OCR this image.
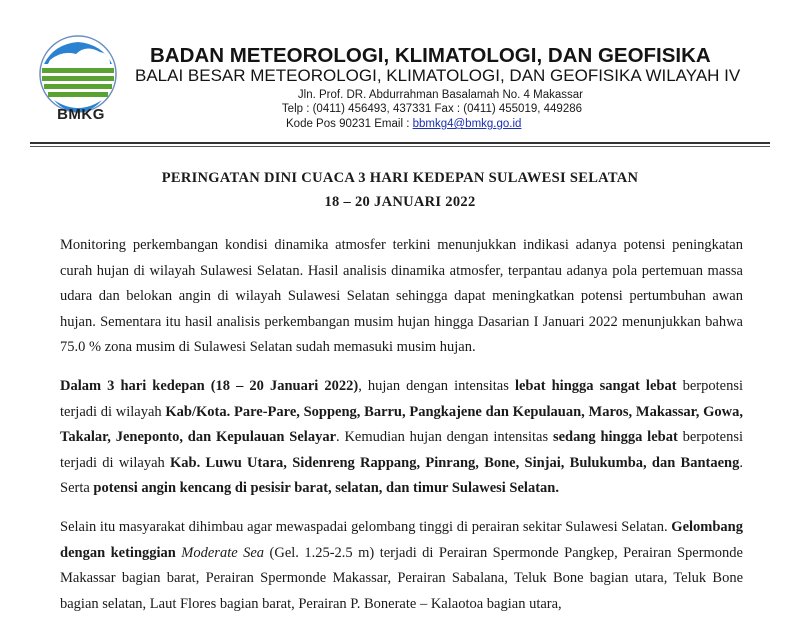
BMKG
BADAN METEOROLOGI, KLIMATOLOGI, DAN GEOFISIKA
BALAI BESAR METEOROLOGI, KLIMATOLOGI, DAN GEOFISIKA WILAYAH IV
Jln. Prof. DR. Abdurrahman Basalamah No. 4 Makassar
Telp : (0411) 456493, 437331 Fax : (0411) 455019, 449286
Kode Pos 90231 Email : bbmkg4@bmkg.go.id
PERINGATAN DINI CUACA 3 HARI KEDEPAN SULAWESI SELATAN
18 – 20 JANUARI 2022
Monitoring perkembangan kondisi dinamika atmosfer terkini menunjukkan indikasi adanya potensi peningkatan curah hujan di wilayah Sulawesi Selatan. Hasil analisis dinamika atmosfer, terpantau adanya pola pertemuan massa udara dan belokan angin di wilayah Sulawesi Selatan sehingga dapat meningkatkan potensi pertumbuhan awan hujan. Sementara itu hasil analisis perkembangan musim hujan hingga Dasarian I Januari 2022 menunjukkan bahwa 75.0 % zona musim di Sulawesi Selatan sudah memasuki musim hujan.
Dalam 3 hari kedepan (18 – 20 Januari 2022), hujan dengan intensitas lebat hingga sangat lebat berpotensi terjadi di wilayah Kab/Kota. Pare-Pare, Soppeng, Barru, Pangkajene dan Kepulauan, Maros, Makassar, Gowa, Takalar, Jeneponto, dan Kepulauan Selayar. Kemudian hujan dengan intensitas sedang hingga lebat berpotensi terjadi di wilayah Kab. Luwu Utara, Sidenreng Rappang, Pinrang, Bone, Sinjai, Bulukumba, dan Bantaeng. Serta potensi angin kencang di pesisir barat, selatan, dan timur Sulawesi Selatan.
Selain itu masyarakat dihimbau agar mewaspadai gelombang tinggi di perairan sekitar Sulawesi Selatan. Gelombang dengan ketinggian Moderate Sea (Gel. 1.25-2.5 m) terjadi di Perairan Spermonde Pangkep, Perairan Spermonde Makassar bagian barat, Perairan Spermonde Makassar, Perairan Sabalana, Teluk Bone bagian utara, Teluk Bone bagian selatan, Laut Flores bagian barat, Perairan P. Bonerate – Kalaotoa bagian utara,
